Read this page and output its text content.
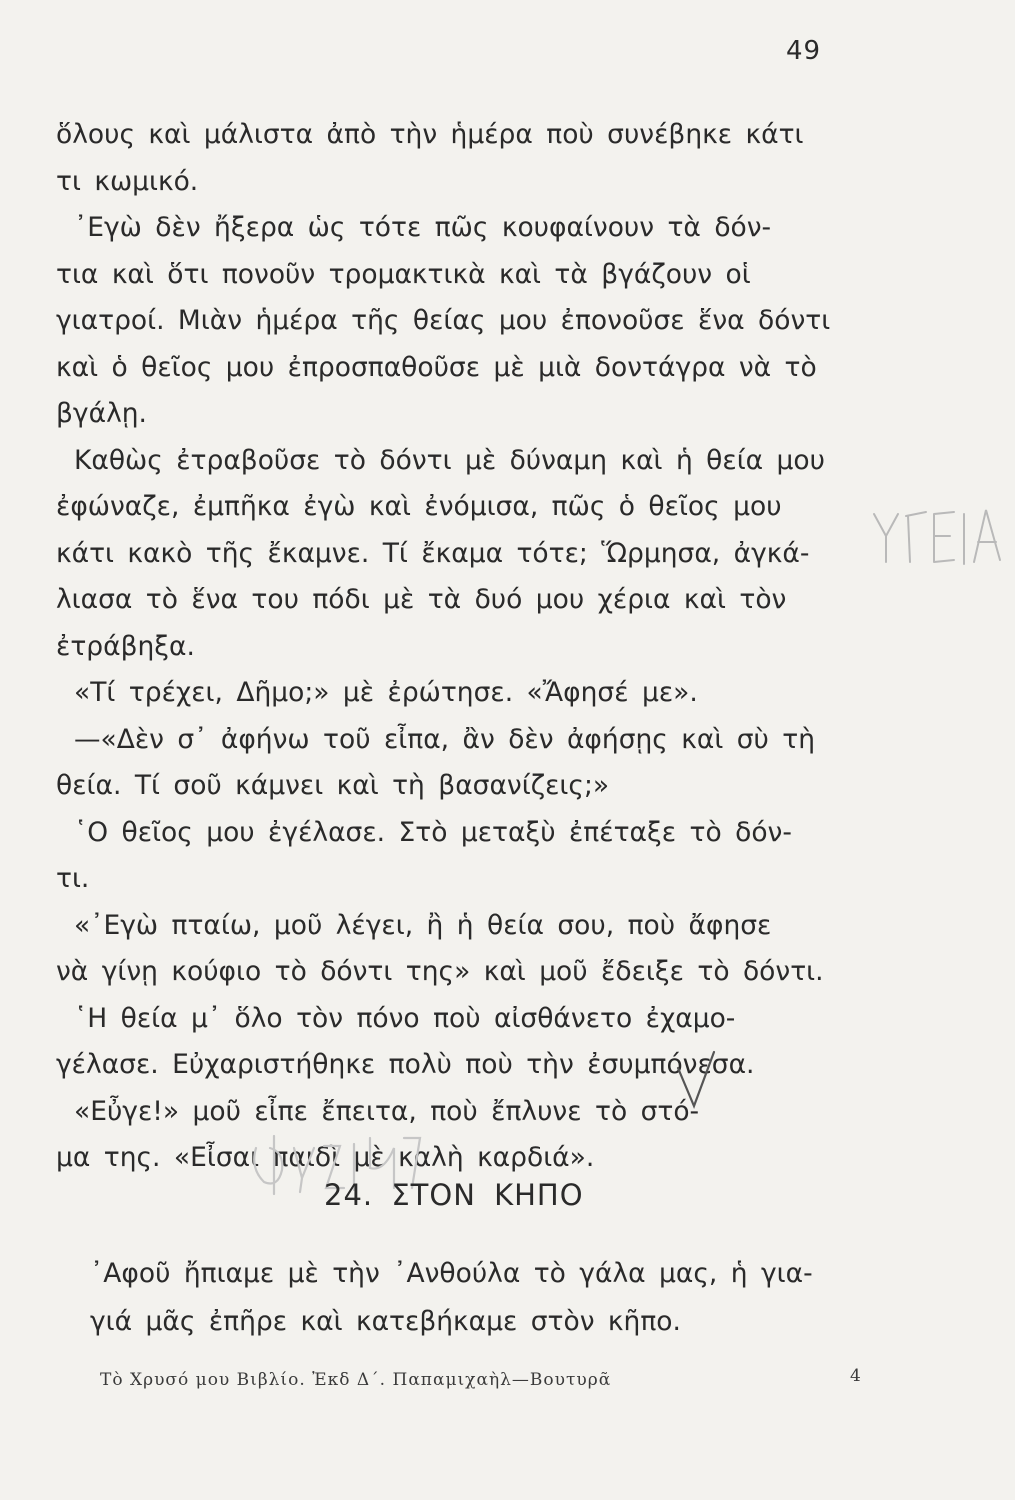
49
ὅλους καὶ μάλιστα ἀπὸ τὴν ἡμέρα ποὺ συνέβηκε κάτι
τι κωμικό.
᾿Εγὼ δὲν ἤξερα ὡς τότε πῶς κουφαίνουν τὰ δόν-
τια καὶ ὅτι πονοῦν τρομακτικὰ καὶ τὰ βγάζουν οἱ
γιατροί. Μιὰν ἡμέρα τῆς θείας μου ἐπονοῦσε ἕνα δόντι
καὶ ὁ θεῖος μου ἐπροσπαθοῦσε μὲ μιὰ δοντάγρα νὰ τὸ
βγάλῃ.
Καθὼς ἐτραβοῦσε τὸ δόντι μὲ δύναμη καὶ ἡ θεία μου
ἐφώναζε, ἐμπῆκα ἐγὼ καὶ ἐνόμισα, πῶς ὁ θεῖος μου
κάτι κακὸ τῆς ἔκαμνε. Τί ἔκαμα τότε; Ὥρμησα, ἀγκά-
λιασα τὸ ἕνα του πόδι μὲ τὰ δυό μου χέρια καὶ τὸν
ἐτράβηξα.
«Τί τρέχει, Δῆμο;» μὲ ἐρώτησε. «Ἄφησέ με».
—«Δὲν σ᾿ ἀφήνω τοῦ εἶπα, ἂν δὲν ἀφήσῃς καὶ σὺ τὴ
θεία. Τί σοῦ κάμνει καὶ τὴ βασανίζεις;»
῾Ο θεῖος μου ἐγέλασε. Στὸ μεταξὺ ἐπέταξε τὸ δόν-
τι.
«᾿Εγὼ πταίω, μοῦ λέγει, ἢ ἡ θεία σου, ποὺ ἄφησε
νὰ γίνῃ κούφιο τὸ δόντι της» καὶ μοῦ ἔδειξε τὸ δόντι.
῾Η θεία μ᾿ ὅλο τὸν πόνο ποὺ αἰσθάνετο ἐχαμο-
γέλασε. Εὐχαριστήθηκε πολὺ ποὺ τὴν ἐσυμπόνεσα.
«Εὖγε!» μοῦ εἶπε ἔπειτα, ποὺ ἔπλυνε τὸ στό-
μα της. «Εἶσαι παιδὶ μὲ καλὴ καρδιά».
24. ΣΤΟΝ ΚΗΠΟ
᾿Αφοῦ ἤπιαμε μὲ τὴν ᾿Ανθούλα τὸ γάλα μας, ἡ για-
γιά μᾶς ἐπῆρε καὶ κατεβήκαμε στὸν κῆπο.
Τὸ Χρυσό μου Βιβλίο. Ἐκδ Δ΄. Παπαμιχαὴλ—Βουτυρᾶ	4
